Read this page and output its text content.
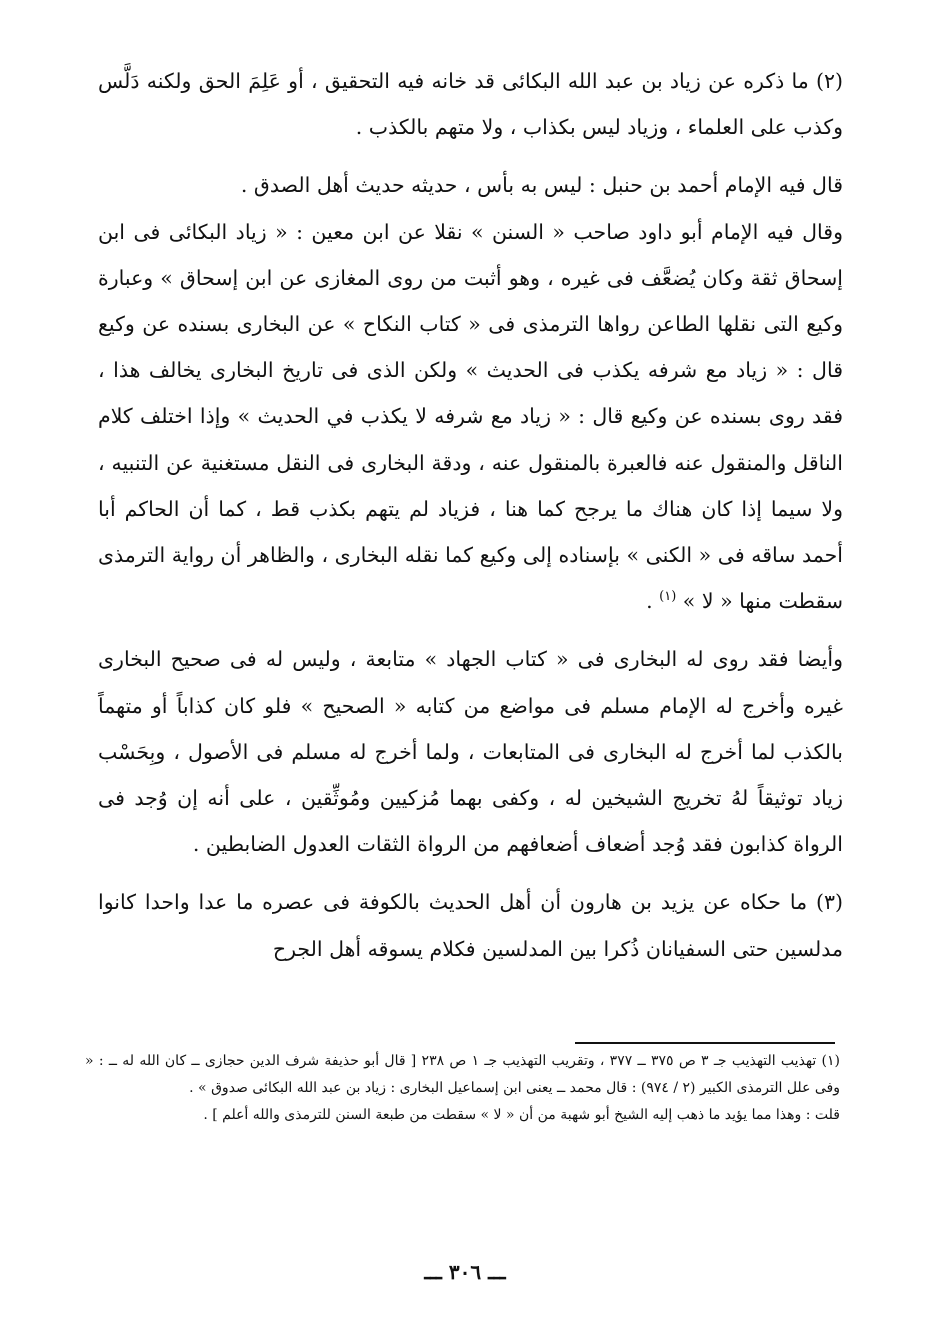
(٢) ما ذكره عن زياد بن عبد الله البكائى قد خانه فيه التحقيق ، أو عَلِمَ الحق ولكنه دَلَّس وكذب على العلماء ، وزياد ليس بكذاب ، ولا متهم بالكذب .

قال فيه الإمام أحمد بن حنبل : ليس به بأس ، حديثه حديث أهل الصدق .

وقال فيه الإمام أبو داود صاحب « السنن » نقلا عن ابن معين : « زياد البكائى فى ابن إسحاق ثقة وكان يُضعَّف فى غيره ، وهو أثبت من روى المغازى عن ابن إسحاق » وعبارة وكيع التى نقلها الطاعن رواها الترمذى فى « كتاب النكاح » عن البخارى بسنده عن وكيع قال : « زياد مع شرفه يكذب فى الحديث » ولكن الذى فى تاريخ البخارى يخالف هذا ، فقد روى بسنده عن وكيع قال : « زياد مع شرفه لا يكذب في الحديث » وإذا اختلف كلام الناقل والمنقول عنه فالعبرة بالمنقول عنه ، ودقة البخارى فى النقل مستغنية عن التنبيه ، ولا سيما إذا كان هناك ما يرجح كما هنا ، فزياد لم يتهم بكذب قط ، كما أن الحاكم أبا أحمد ساقه فى « الكنى » بإسناده إلى وكيع كما نقله البخارى ، والظاهر أن رواية الترمذى سقطت منها « لا » $^{(١)}$ .

وأيضا فقد روى له البخارى فى « كتاب الجهاد » متابعة ، وليس له فى صحيح البخارى غيره وأخرج له الإمام مسلم فى مواضع من كتابه « الصحيح » فلو كان كذاباً أو متهماً بالكذب لما أخرج له البخارى فى المتابعات ، ولما أخرج له مسلم فى الأصول ، وبِحَسْب زياد توثيقاً لهُ تخريج الشيخين له ، وكفى بهما مُزكيين ومُوثِّقين ، على أنه إن وُجد فى الرواة كذابون فقد وُجد أضعاف أضعافهم من الرواة الثقات العدول الضابطين .

(٣) ما حكاه عن يزيد بن هارون أن أهل الحديث بالكوفة فى عصره ما عدا واحدا كانوا مدلسين حتى السفيانان ذُكرا بين المدلسين فكلام يسوقه أهل الجرح

(١) تهذيب التهذيب جـ ٣ ص ٣٧٥ ــ ٣٧٧ ، وتقريب التهذيب جـ ١ ص ٢٣٨ [ قال أبو حذيفة شرف الدين حجازى ــ كان الله له ــ : « وفى علل الترمذى الكبير (٢ / ٩٧٤) : قال محمد ــ يعنى ابن إسماعيل البخارى : زياد بن عبد الله البكائى صدوق » .

قلت : وهذا مما يؤيد ما ذهب إليه الشيخ أبو شهبة من أن « لا » سقطت من طبعة السنن للترمذى والله أعلم ] .

ـــ ٣٠٦ ـــ
